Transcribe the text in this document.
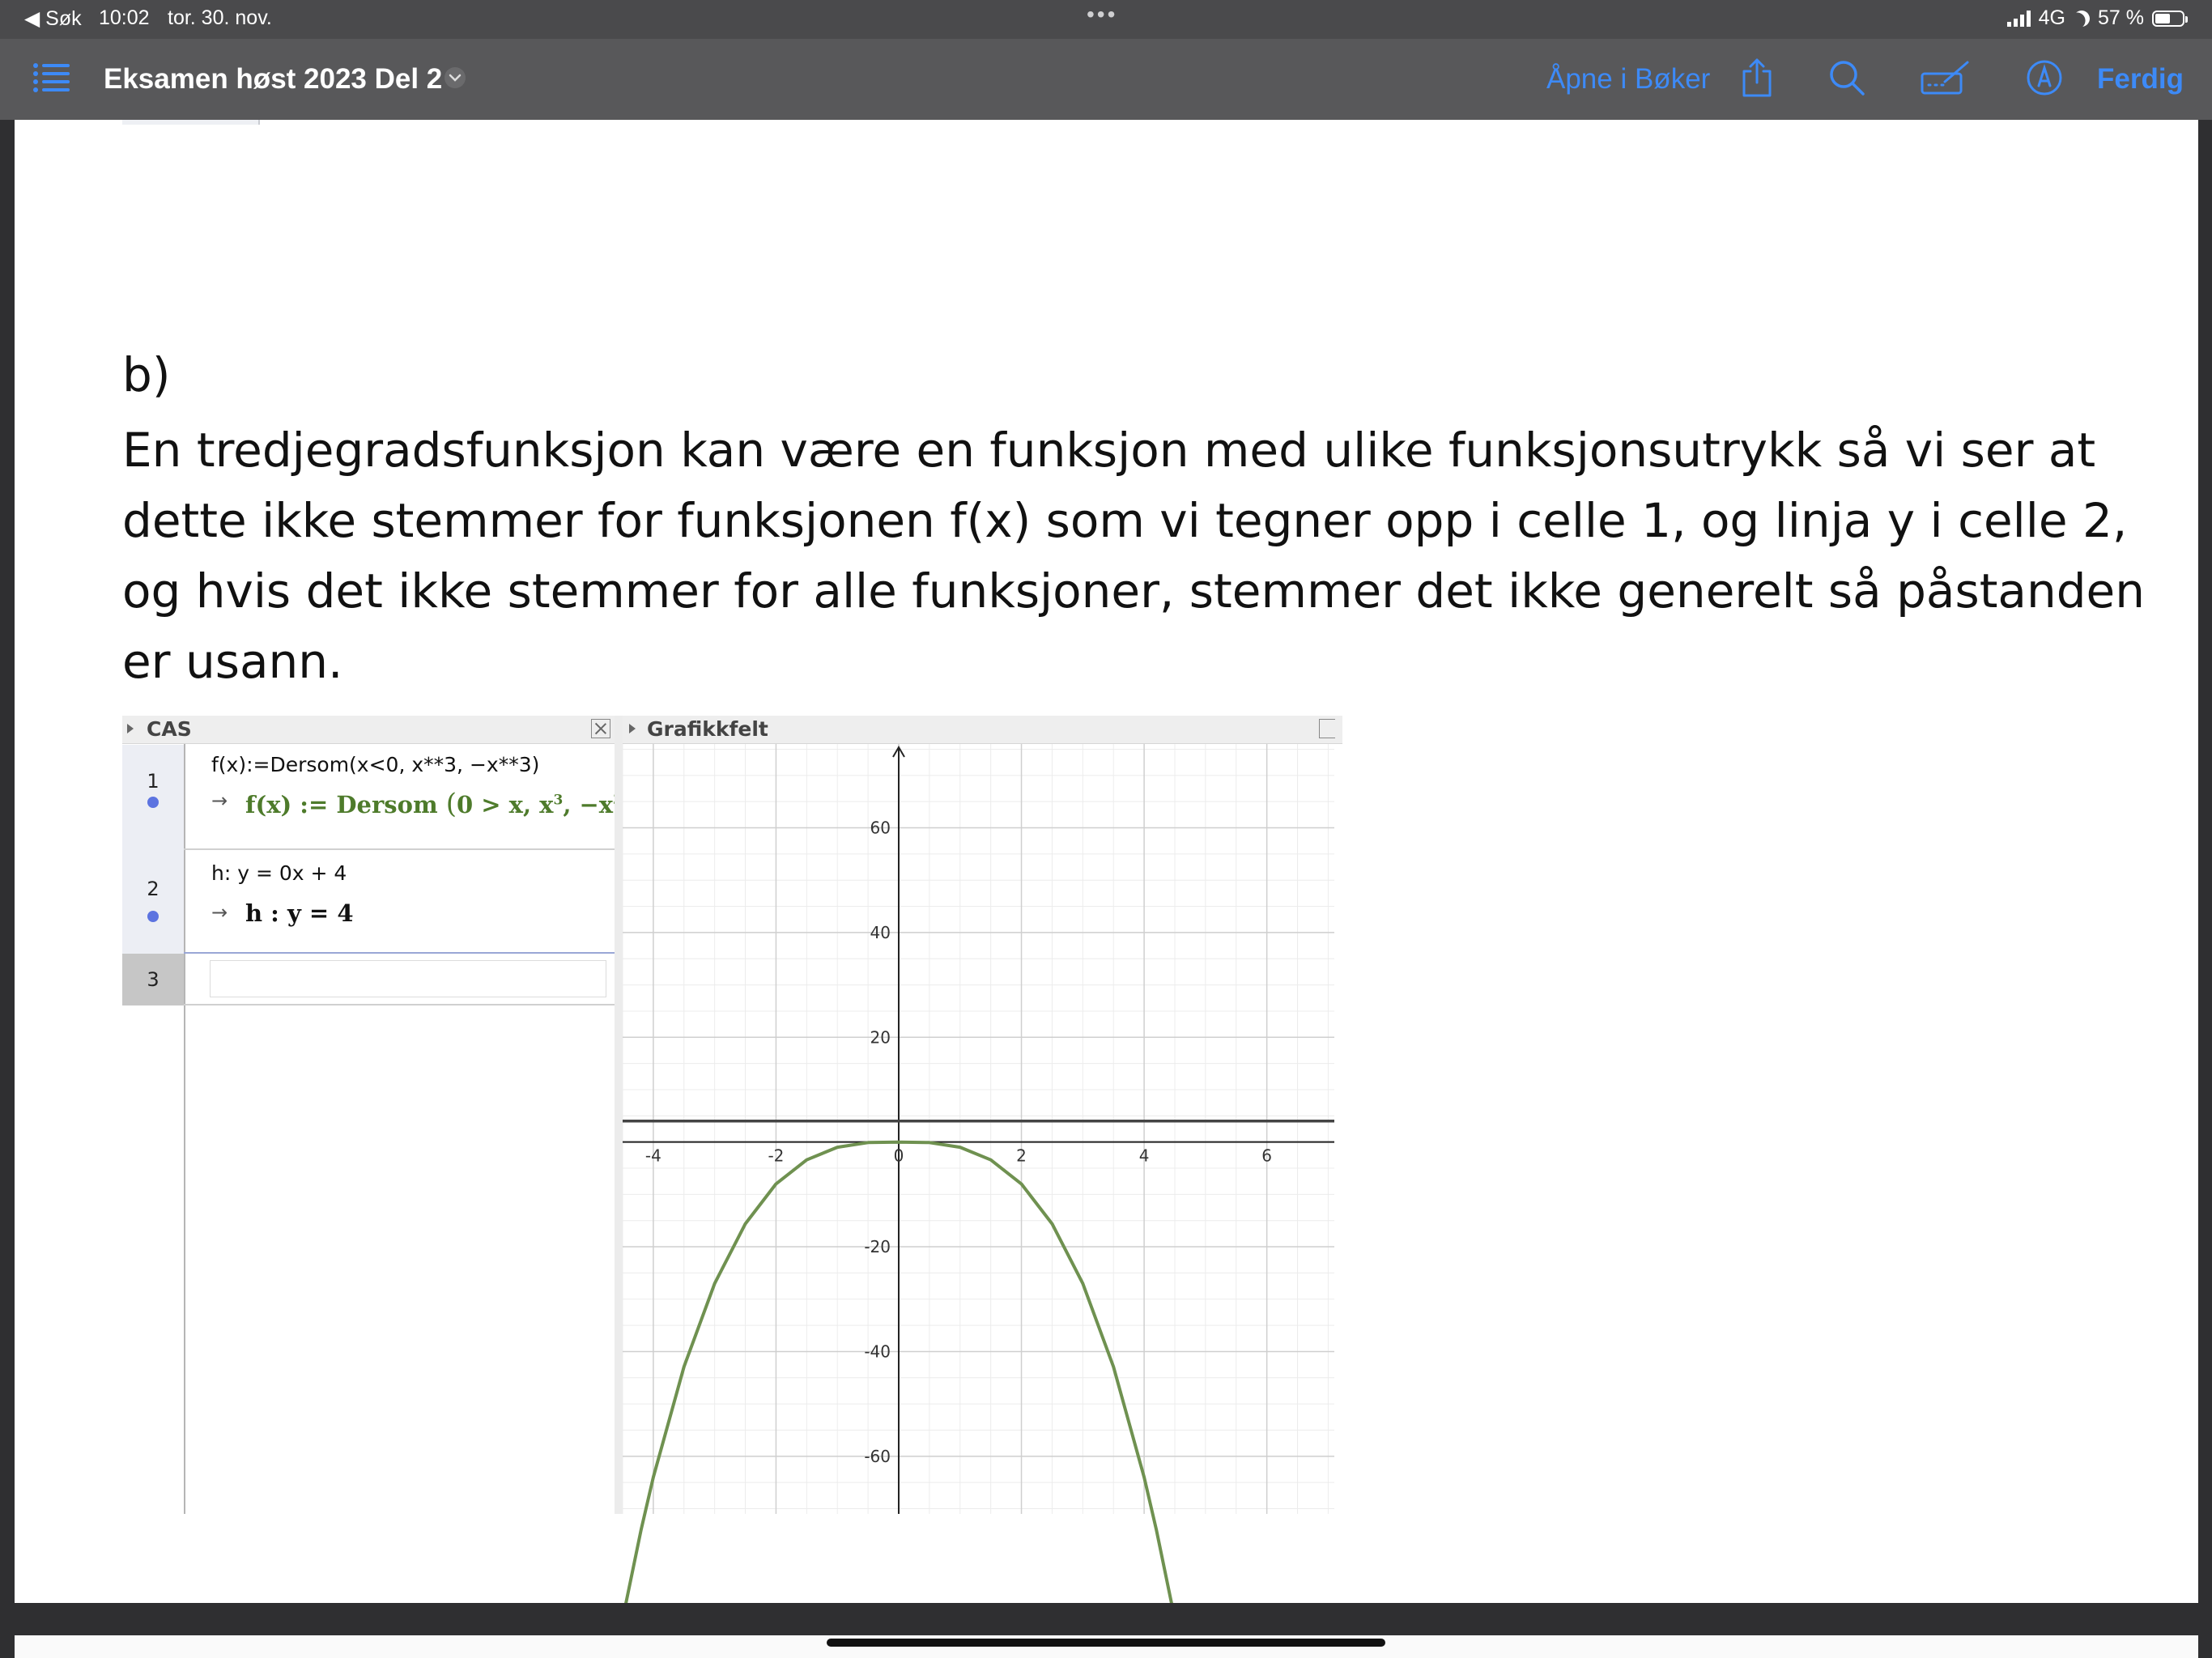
◀ Søk 10:02 tor. 30. nov.	•••	4G 57 %
Eksamen høst 2023 Del 2	Åpne i Bøker	Ferdig
b)

En tredjegradsfunksjon kan være en funksjon med ulike funksjonsutrykk så vi ser at dette ikke stemmer for funksjonen f(x) som vi tegner opp i celle 1, og linja y i celle 2, og hvis det ikke stemmer for alle funksjoner, stemmer det ikke generelt så påstanden er usann.

CAS
1
f(x):=Dersom(x<0, x**3, −x**3)
→ f(x) := Dersom (0 > x, $x^3$, −x
2
h: y = 0x + 4
→ h : y = 4
3
Grafikkfelt
-4	-2	0	2	4	6
-60
-40
-20
20
40
60
